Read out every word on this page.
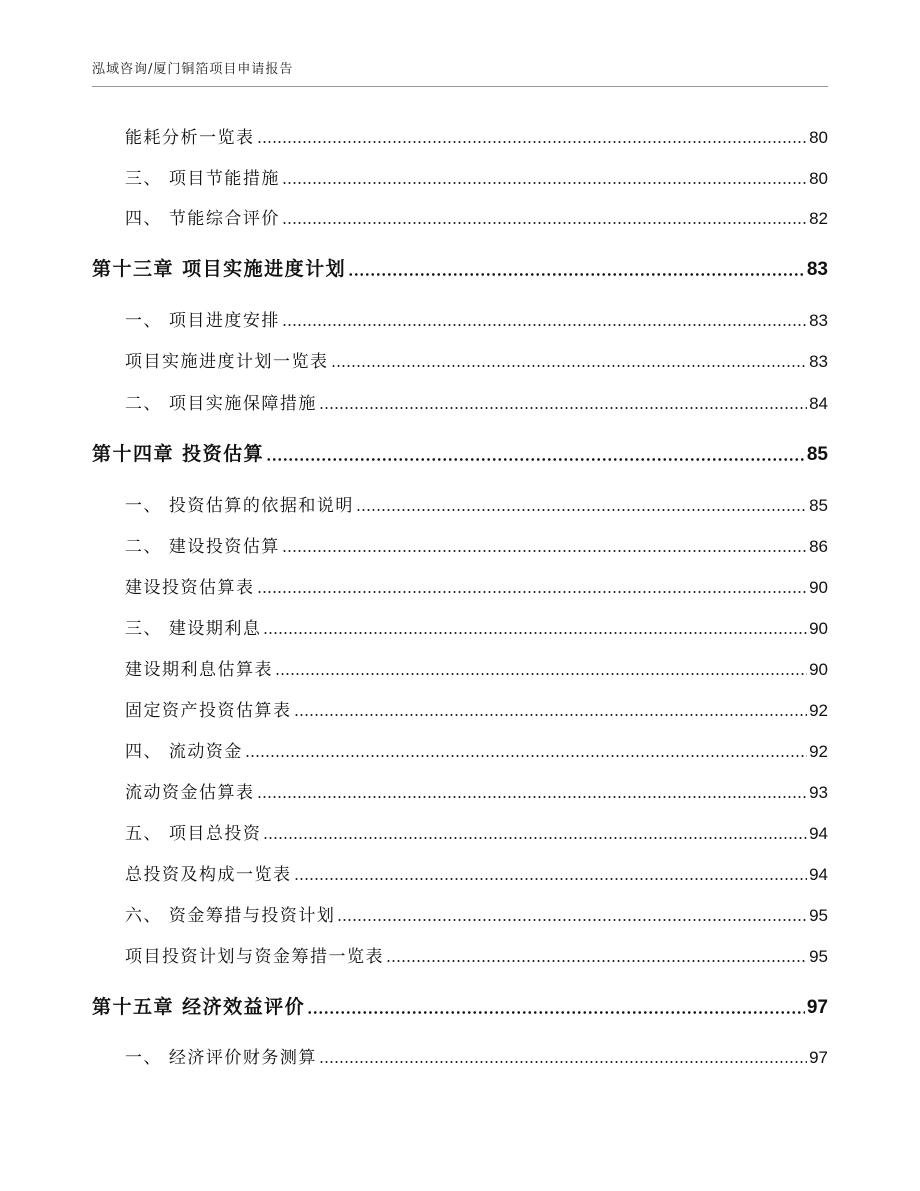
泓域咨询/厦门铜箔项目申请报告
能耗分析一览表	80
三、 项目节能措施	80
四、 节能综合评价	82
第十三章 项目实施进度计划	83
一、 项目进度安排	83
项目实施进度计划一览表	83
二、 项目实施保障措施	84
第十四章 投资估算	85
一、 投资估算的依据和说明	85
二、 建设投资估算	86
建设投资估算表	90
三、 建设期利息	90
建设期利息估算表	90
固定资产投资估算表	92
四、 流动资金	92
流动资金估算表	93
五、 项目总投资	94
总投资及构成一览表	94
六、 资金筹措与投资计划	95
项目投资计划与资金筹措一览表	95
第十五章 经济效益评价	97
一、 经济评价财务测算	97
